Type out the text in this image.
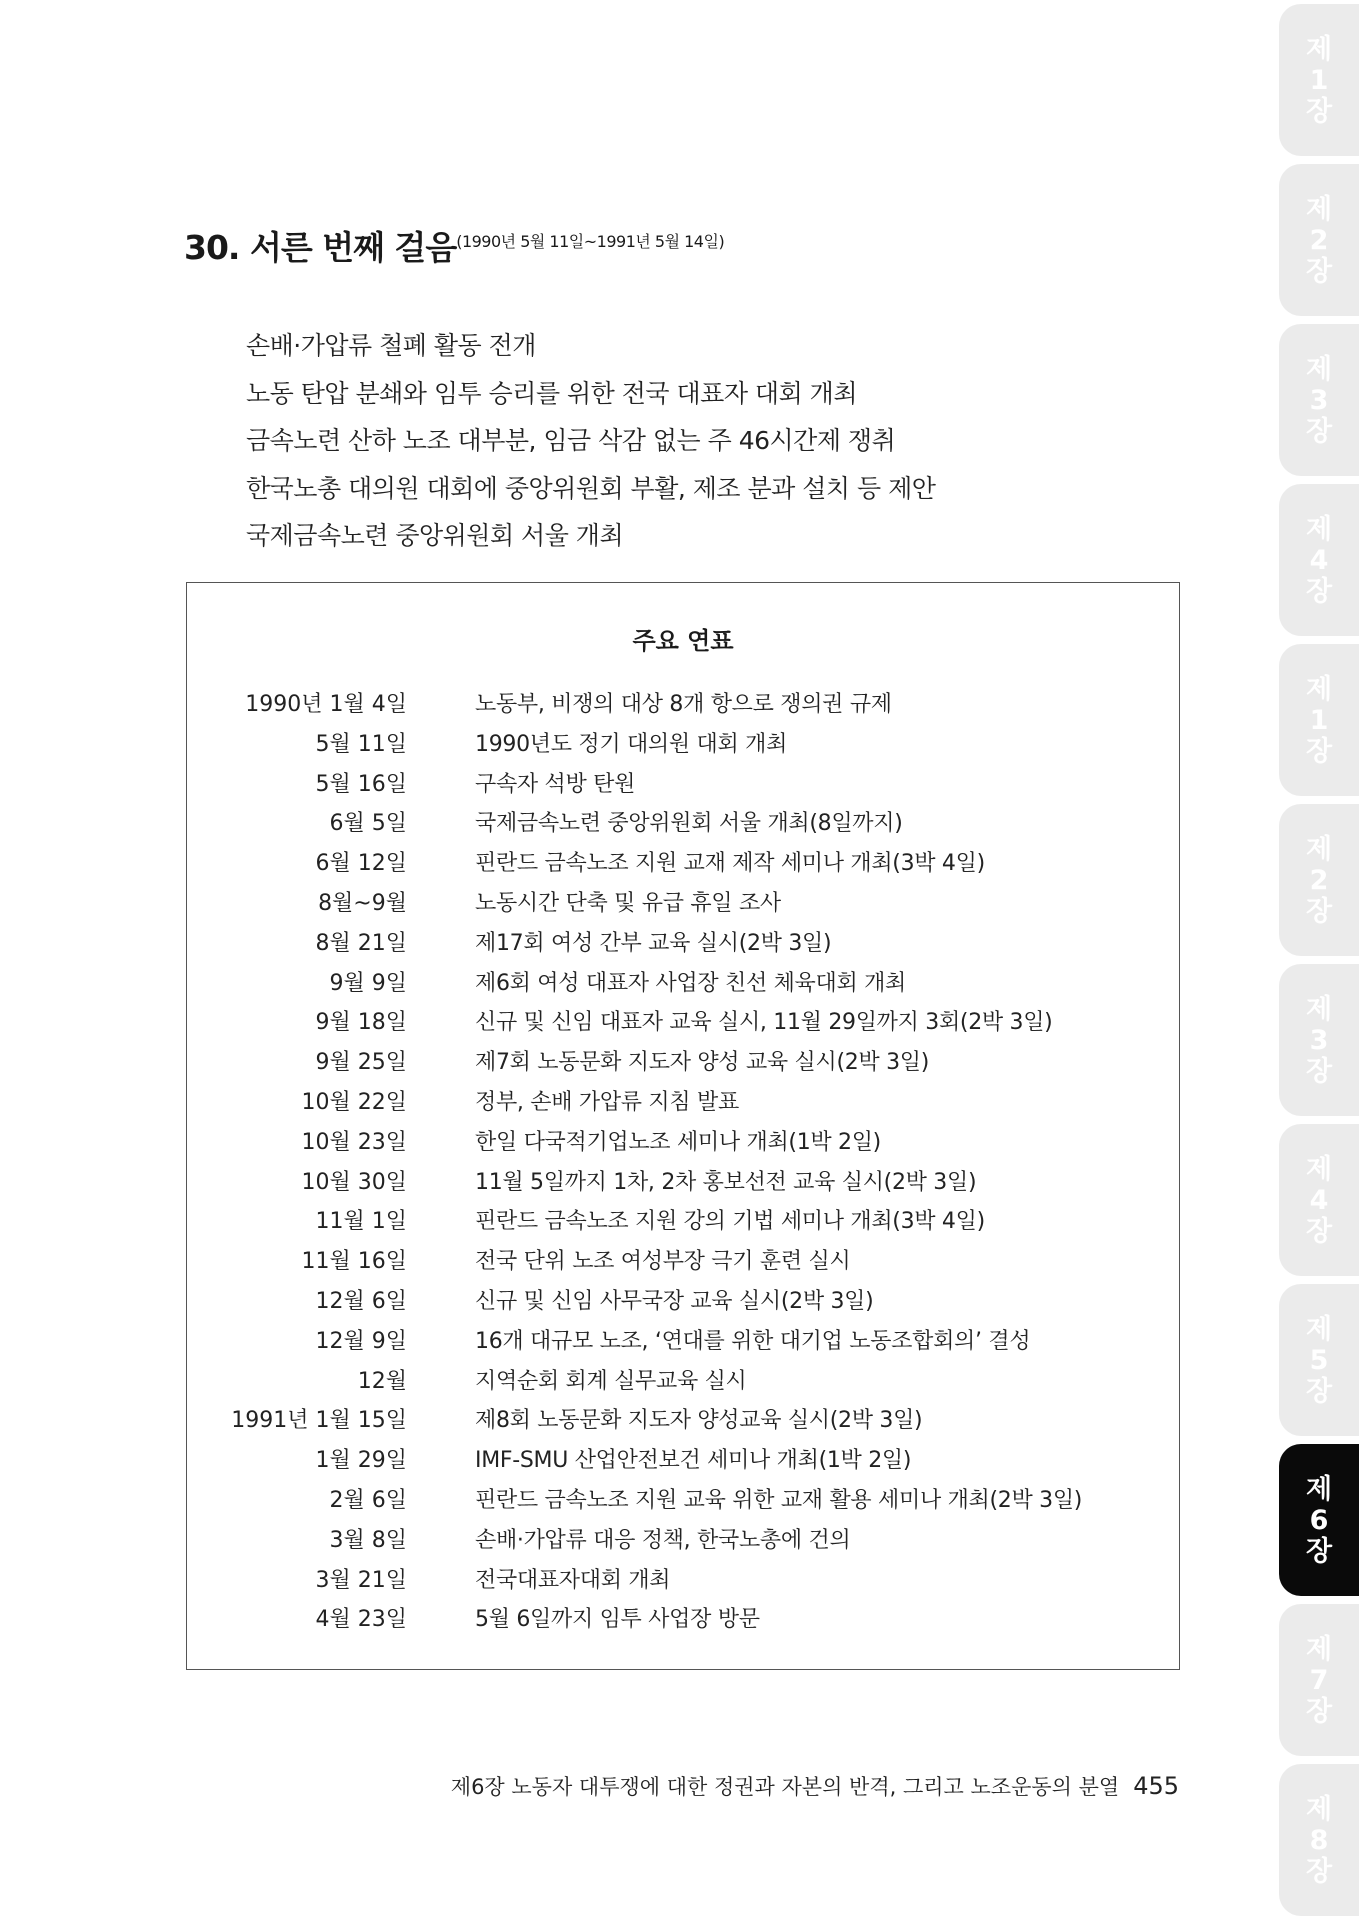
30. 서른 번째 걸음$^{(1990년 5월 11일\sim 1991년 5월 14일)}$
손배·가압류 철폐 활동 전개
노동 탄압 분쇄와 임투 승리를 위한 전국 대표자 대회 개최
금속노련 산하 노조 대부분, 임금 삭감 없는 주 46시간제 쟁취
한국노총 대의원 대회에 중앙위원회 부활, 제조 분과 설치 등 제안
국제금속노련 중앙위원회 서울 개최
주요 연표
1990년 1월 4일	노동부, 비쟁의 대상 8개 항으로 쟁의권 규제
5월 11일	1990년도 정기 대의원 대회 개최
5월 16일	구속자 석방 탄원
6월 5일	국제금속노련 중앙위원회 서울 개최(8일까지)
6월 12일	핀란드 금속노조 지원 교재 제작 세미나 개최(3박 4일)
8월~9월	노동시간 단축 및 유급 휴일 조사
8월 21일	제17회 여성 간부 교육 실시(2박 3일)
9월 9일	제6회 여성 대표자 사업장 친선 체육대회 개최
9월 18일	신규 및 신임 대표자 교육 실시, 11월 29일까지 3회(2박 3일)
9월 25일	제7회 노동문화 지도자 양성 교육 실시(2박 3일)
10월 22일	정부, 손배 가압류 지침 발표
10월 23일	한일 다국적기업노조 세미나 개최(1박 2일)
10월 30일	11월 5일까지 1차, 2차 홍보선전 교육 실시(2박 3일)
11월 1일	핀란드 금속노조 지원 강의 기법 세미나 개최(3박 4일)
11월 16일	전국 단위 노조 여성부장 극기 훈련 실시
12월 6일	신규 및 신임 사무국장 교육 실시(2박 3일)
12월 9일	16개 대규모 노조, ‘연대를 위한 대기업 노동조합회의’ 결성
12월	지역순회 회계 실무교육 실시
1991년 1월 15일	제8회 노동문화 지도자 양성교육 실시(2박 3일)
1월 29일	IMF-SMU 산업안전보건 세미나 개최(1박 2일)
2월 6일	핀란드 금속노조 지원 교육 위한 교재 활용 세미나 개최(2박 3일)
3월 8일	손배·가압류 대응 정책, 한국노총에 건의
3월 21일	전국대표자대회 개최
4월 23일	5월 6일까지 임투 사업장 방문
제6장 노동자 대투쟁에 대한 정권과 자본의 반격, 그리고 노조운동의 분열 455
제
1
장
제
2
장
제
3
장
제
4
장
제
1
장
제
2
장
제
3
장
제
4
장
제
5
장
제
6
장
제
7
장
제
8
장
